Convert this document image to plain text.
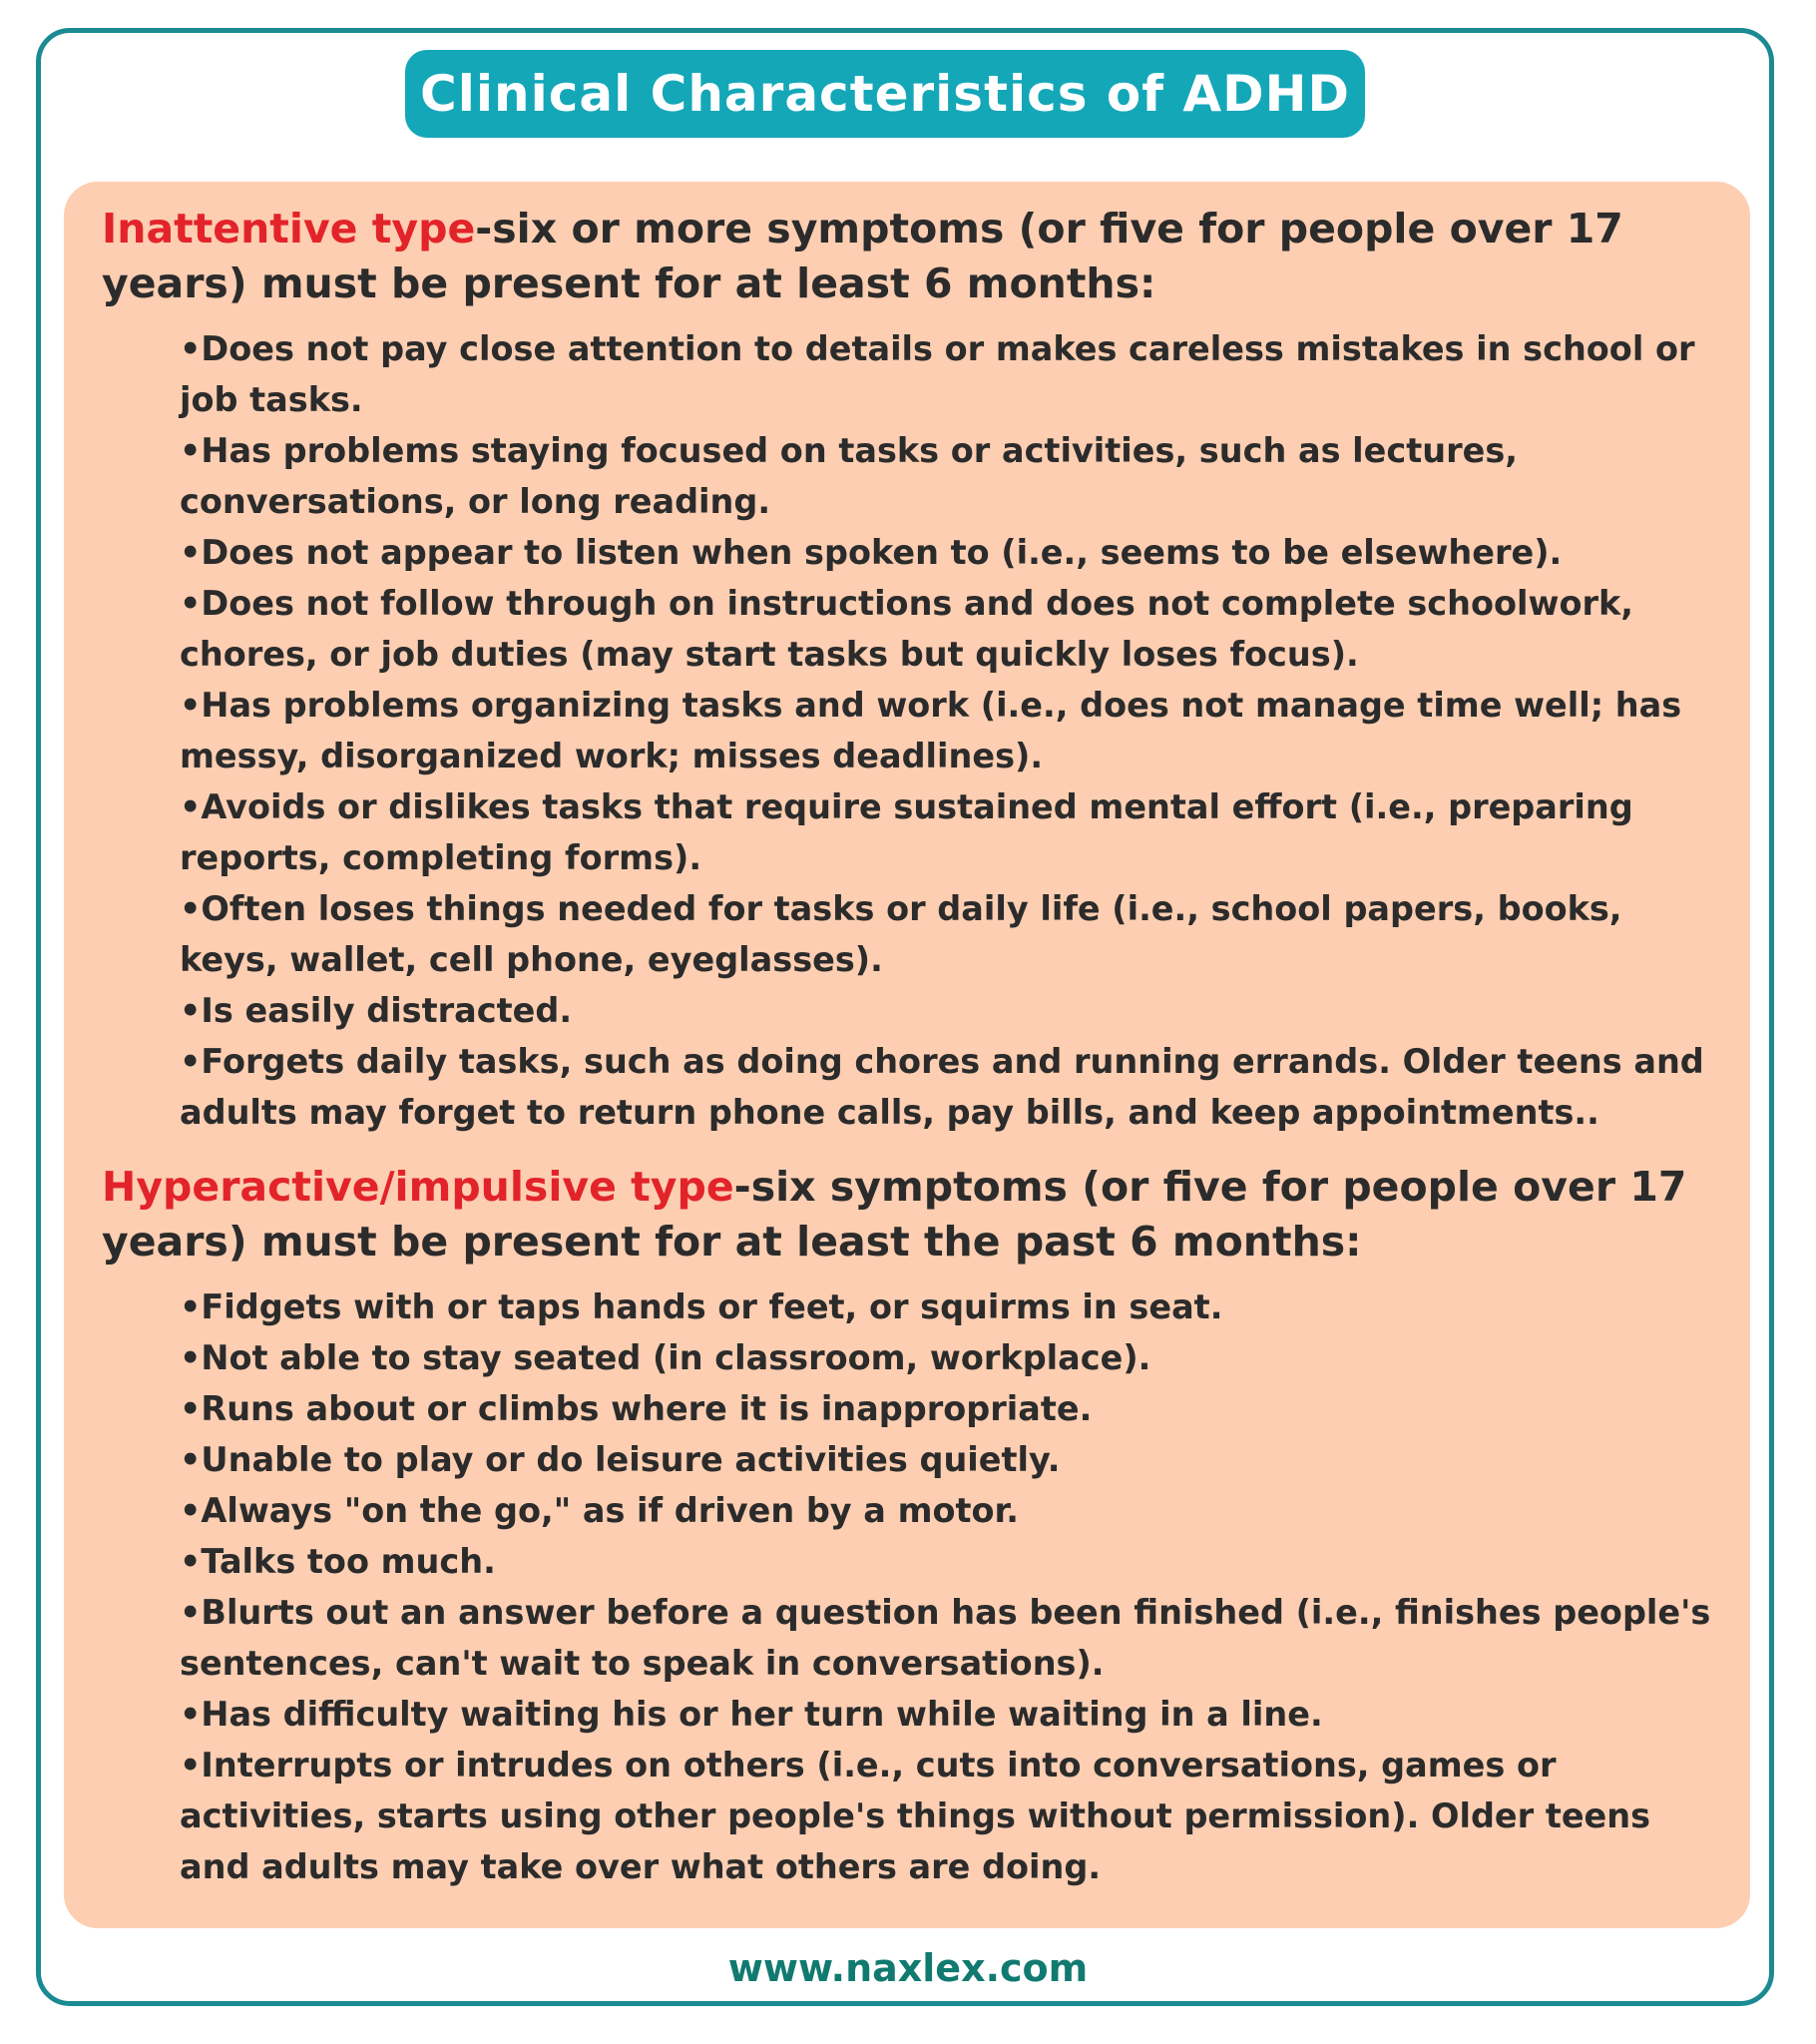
Clinical Characteristics of ADHD

Inattentive type-six or more symptoms (or five for people over 17 years) must be present for at least 6 months:

•Does not pay close attention to details or makes careless mistakes in school or job tasks.
•Has problems staying focused on tasks or activities, such as lectures, conversations, or long reading.
•Does not appear to listen when spoken to (i.e., seems to be elsewhere).
•Does not follow through on instructions and does not complete schoolwork, chores, or job duties (may start tasks but quickly loses focus).
•Has problems organizing tasks and work (i.e., does not manage time well; has messy, disorganized work; misses deadlines).
•Avoids or dislikes tasks that require sustained mental effort (i.e., preparing reports, completing forms).
•Often loses things needed for tasks or daily life (i.e., school papers, books, keys, wallet, cell phone, eyeglasses).
•Is easily distracted.
•Forgets daily tasks, such as doing chores and running errands. Older teens and adults may forget to return phone calls, pay bills, and keep appointments..

Hyperactive/impulsive type-six symptoms (or five for people over 17 years) must be present for at least the past 6 months:

•Fidgets with or taps hands or feet, or squirms in seat.
•Not able to stay seated (in classroom, workplace).
•Runs about or climbs where it is inappropriate.
•Unable to play or do leisure activities quietly.
•Always "on the go," as if driven by a motor.
•Talks too much.
•Blurts out an answer before a question has been finished (i.e., finishes people's sentences, can't wait to speak in conversations).
•Has difficulty waiting his or her turn while waiting in a line.
•Interrupts or intrudes on others (i.e., cuts into conversations, games or activities, starts using other people's things without permission). Older teens and adults may take over what others are doing.
www.naxlex.com
